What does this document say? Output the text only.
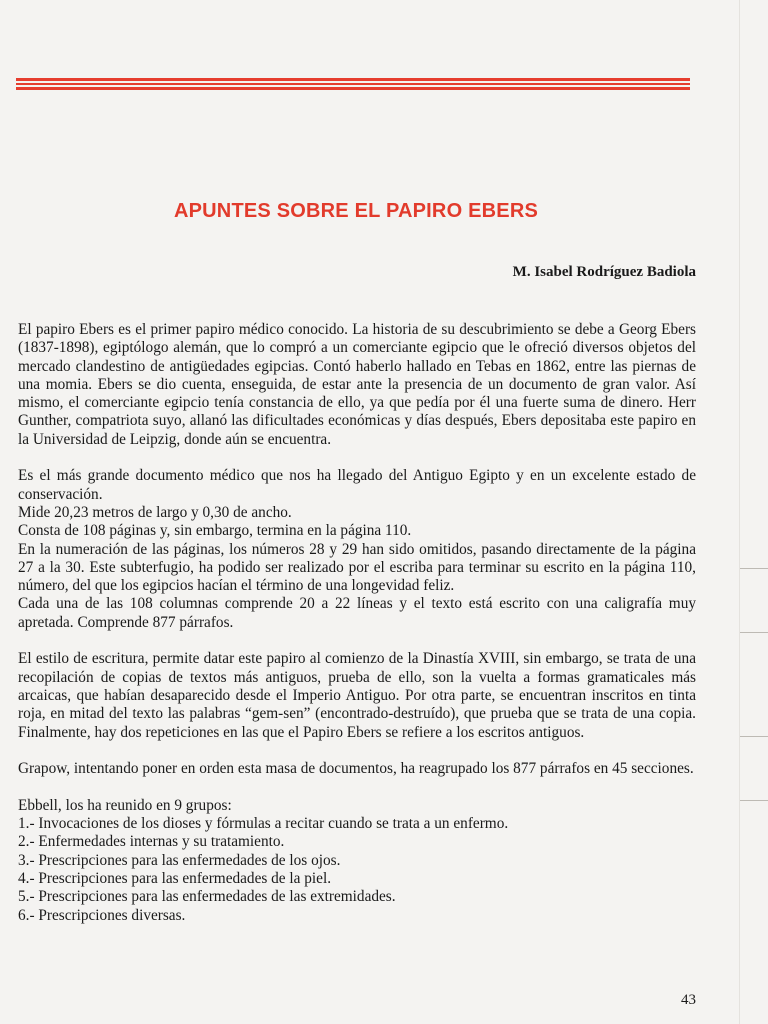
APUNTES SOBRE EL PAPIRO EBERS
M. Isabel Rodríguez Badiola

El papiro Ebers es el primer papiro médico conocido. La historia de su descubrimiento se debe a Georg Ebers (1837-1898), egiptólogo alemán, que lo compró a un comerciante egipcio que le ofreció diversos objetos del mercado clandestino de antigüedades egipcias. Contó haberlo hallado en Tebas en 1862, entre las piernas de una momia. Ebers se dio cuenta, enseguida, de estar ante la presencia de un documento de gran valor. Así mismo, el comerciante egipcio tenía constancia de ello, ya que pedía por él una fuerte suma de dinero. Herr Gunther, compatriota suyo, allanó las dificultades económicas y días después, Ebers depositaba este papiro en la Universidad de Leipzig, donde aún se encuentra.

Es el más grande documento médico que nos ha llegado del Antiguo Egipto y en un excelente estado de conservación.
Mide 20,23 metros de largo y 0,30 de ancho.
Consta de 108 páginas y, sin embargo, termina en la página 110.
En la numeración de las páginas, los números 28 y 29 han sido omitidos, pasando directamente de la página 27 a la 30. Este subterfugio, ha podido ser realizado por el escriba para terminar su escrito en la página 110, número, del que los egipcios hacían el término de una longevidad feliz.
Cada una de las 108 columnas comprende 20 a 22 líneas y el texto está escrito con una caligrafía muy apretada. Comprende 877 párrafos.

El estilo de escritura, permite datar este papiro al comienzo de la Dinastía XVIII, sin embargo, se trata de una recopilación de copias de textos más antiguos, prueba de ello, son la vuelta a formas gramaticales más arcaicas, que habían desaparecido desde el Imperio Antiguo. Por otra parte, se encuentran inscritos en tinta roja, en mitad del texto las palabras “gem-sen” (encontrado-destruído), que prueba que se trata de una copia. Finalmente, hay dos repeticiones en las que el Papiro Ebers se refiere a los escritos antiguos.

Grapow, intentando poner en orden esta masa de documentos, ha reagrupado los 877 párrafos en 45 secciones.

Ebbell, los ha reunido en 9 grupos:
1.- Invocaciones de los dioses y fórmulas a recitar cuando se trata a un enfermo.
2.- Enfermedades internas y su tratamiento.
3.- Prescripciones para las enfermedades de los ojos.
4.- Prescripciones para las enfermedades de la piel.
5.- Prescripciones para las enfermedades de las extremidades.
6.- Prescripciones diversas.
43
